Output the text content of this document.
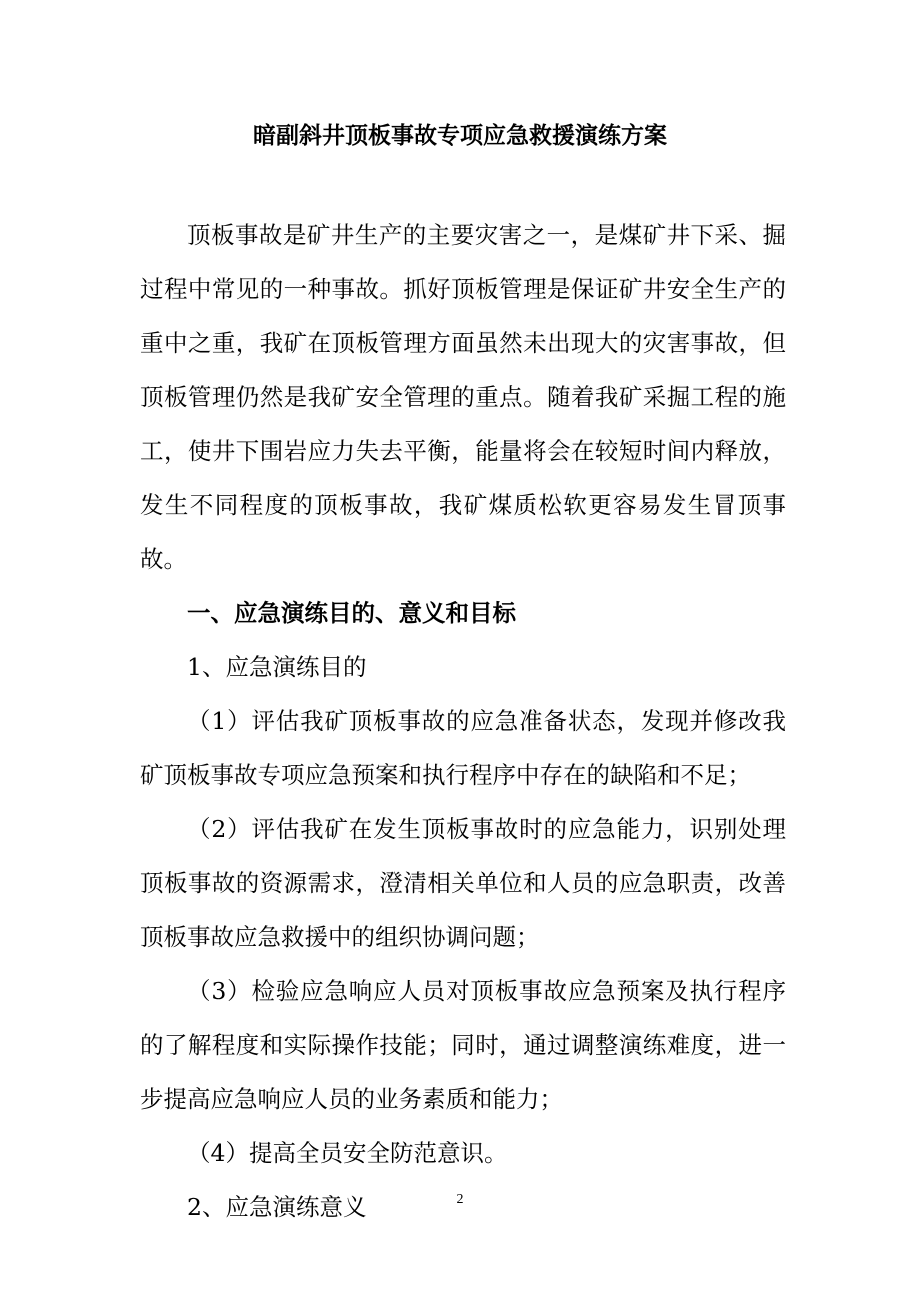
暗副斜井顶板事故专项应急救援演练方案

顶板事故是矿井生产的主要灾害之一，是煤矿井下采、掘过程中常见的一种事故。抓好顶板管理是保证矿井安全生产的重中之重，我矿在顶板管理方面虽然未出现大的灾害事故，但顶板管理仍然是我矿安全管理的重点。随着我矿采掘工程的施工，使井下围岩应力失去平衡，能量将会在较短时间内释放，发生不同程度的顶板事故，我矿煤质松软更容易发生冒顶事故。

一、应急演练目的、意义和目标

1、应急演练目的

（1）评估我矿顶板事故的应急准备状态，发现并修改我矿顶板事故专项应急预案和执行程序中存在的缺陷和不足；

（2）评估我矿在发生顶板事故时的应急能力，识别处理顶板事故的资源需求，澄清相关单位和人员的应急职责，改善顶板事故应急救援中的组织协调问题；

（3）检验应急响应人员对顶板事故应急预案及执行程序的了解程度和实际操作技能；同时，通过调整演练难度，进一步提高应急响应人员的业务素质和能力；

（4）提高全员安全防范意识。

2、应急演练意义	2
